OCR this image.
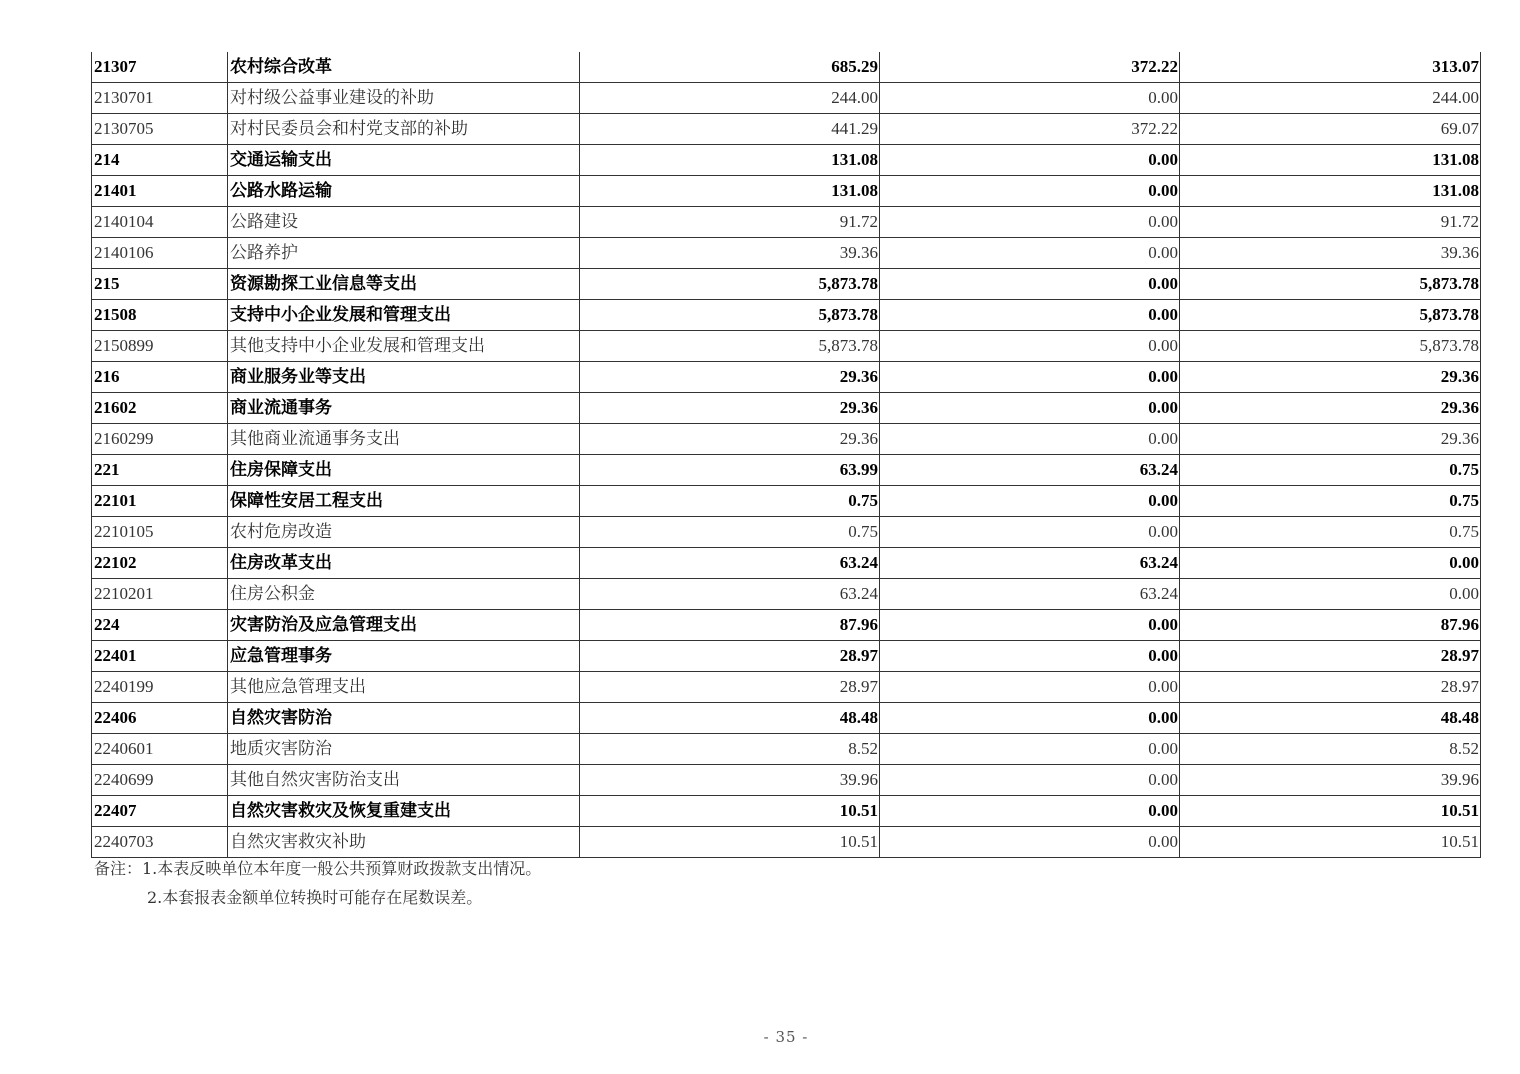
21307	农村综合改革	685.29	372.22	313.07
2130701	对村级公益事业建设的补助	244.00	0.00	244.00
2130705	对村民委员会和村党支部的补助	441.29	372.22	69.07
214	交通运输支出	131.08	0.00	131.08
21401	公路水路运输	131.08	0.00	131.08
2140104	公路建设	91.72	0.00	91.72
2140106	公路养护	39.36	0.00	39.36
215	资源勘探工业信息等支出	5,873.78	0.00	5,873.78
21508	支持中小企业发展和管理支出	5,873.78	0.00	5,873.78
2150899	其他支持中小企业发展和管理支出	5,873.78	0.00	5,873.78
216	商业服务业等支出	29.36	0.00	29.36
21602	商业流通事务	29.36	0.00	29.36
2160299	其他商业流通事务支出	29.36	0.00	29.36
221	住房保障支出	63.99	63.24	0.75
22101	保障性安居工程支出	0.75	0.00	0.75
2210105	农村危房改造	0.75	0.00	0.75
22102	住房改革支出	63.24	63.24	0.00
2210201	住房公积金	63.24	63.24	0.00
224	灾害防治及应急管理支出	87.96	0.00	87.96
22401	应急管理事务	28.97	0.00	28.97
2240199	其他应急管理支出	28.97	0.00	28.97
22406	自然灾害防治	48.48	0.00	48.48
2240601	地质灾害防治	8.52	0.00	8.52
2240699	其他自然灾害防治支出	39.96	0.00	39.96
22407	自然灾害救灾及恢复重建支出	10.51	0.00	10.51
2240703	自然灾害救灾补助	10.51	0.00	10.51
备注：1.本表反映单位本年度一般公共预算财政拨款支出情况。
2.本套报表金额单位转换时可能存在尾数误差。
- 35 -
